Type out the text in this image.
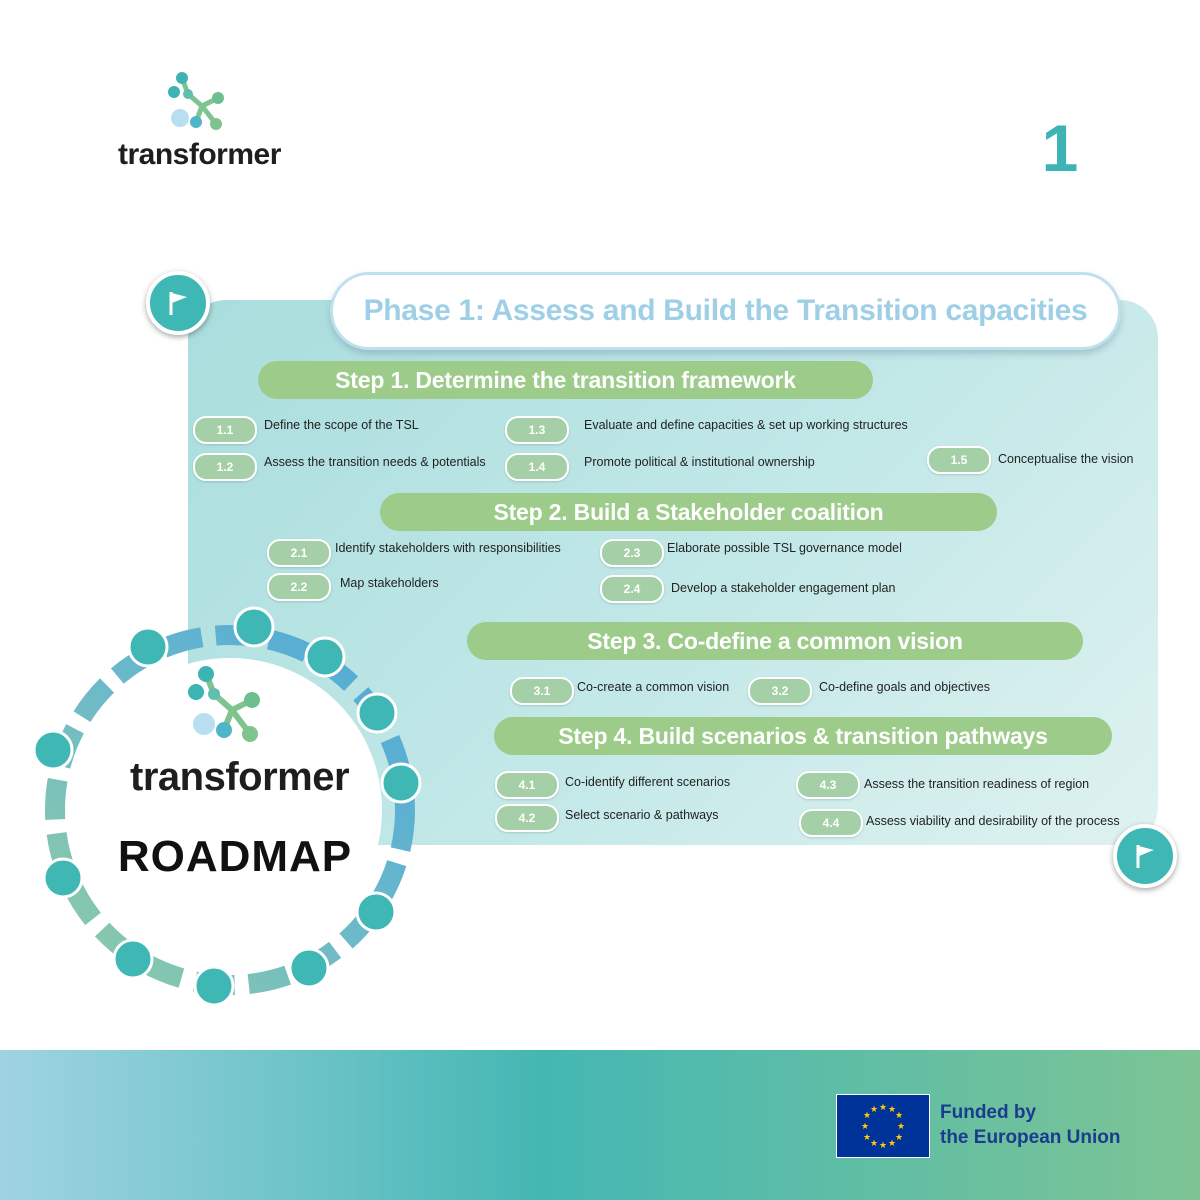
transformer	1
Phase 1: Assess and Build the Transition capacities
Step 1. Determine the transition framework
1.1	Define the scope of the TSL
1.2	Assess the transition needs & potentials
1.3	Evaluate and define capacities & set up working structures
1.4	Promote political & institutional ownership	1.5	Conceptualise the vision
Step 2. Build a Stakeholder coalition
2.1	Identify stakeholders with responsibilities
2.2	Map stakeholders
2.3	Elaborate possible TSL governance model
2.4	Develop a stakeholder engagement plan
Step 3. Co-define a common vision
3.1	Co-create a common vision	3.2	Co-define goals and objectives
Step 4. Build scenarios & transition pathways
4.1	Co-identify different scenarios
4.2	Select scenario & pathways
4.3	Assess the transition readiness of region
4.4	Assess viability and desirability of the process
transformer
ROADMAP
★ ★
★
★
★
★
★
★
★
★
★
★	Funded by
the European Union
